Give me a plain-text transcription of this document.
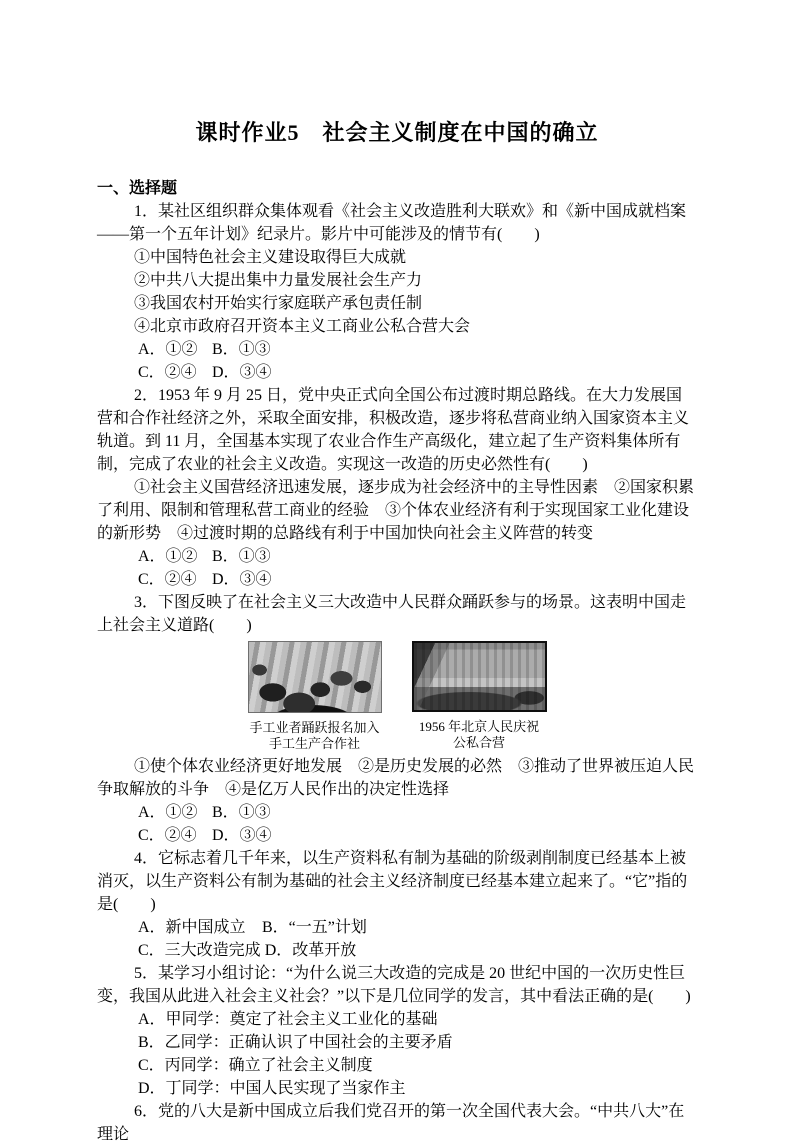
课时作业5　社会主义制度在中国的确立

一、选择题

1．某社区组织群众集体观看《社会主义改造胜利大联欢》和《新中国成就档案——第一个五年计划》纪录片。影片中可能涉及的情节有(　　)

①中国特色社会主义建设取得巨大成就

②中共八大提出集中力量发展社会生产力

③我国农村开始实行家庭联产承包责任制

④北京市政府召开资本主义工商业公私合营大会

A．①② B．①③

C．②④ D．③④

2．1953 年 9 月 25 日，党中央正式向全国公布过渡时期总路线。在大力发展国营和合作社经济之外，采取全面安排，积极改造，逐步将私营商业纳入国家资本主义轨道。到 11 月，全国基本实现了农业合作生产高级化，建立起了生产资料集体所有制，完成了农业的社会主义改造。实现这一改造的历史必然性有(　　)

①社会主义国营经济迅速发展，逐步成为社会经济中的主导性因素　②国家积累了利用、限制和管理私营工商业的经验　③个体农业经济有利于实现国家工业化建设的新形势　④过渡时期的总路线有利于中国加快向社会主义阵营的转变

A．①② B．①③

C．②④ D．③④

3．下图反映了在社会主义三大改造中人民群众踊跃参与的场景。这表明中国走上社会主义道路(　　)

手工业者踊跃报名加入
手工生产合作社
1956 年北京人民庆祝
公私合营

①使个体农业经济更好地发展　②是历史发展的必然　③推动了世界被压迫人民争取解放的斗争　④是亿万人民作出的决定性选择

A．①② B．①③

C．②④ D．③④

4．它标志着几千年来，以生产资料私有制为基础的阶级剥削制度已经基本上被消灭，以生产资料公有制为基础的社会主义经济制度已经基本建立起来了。“它”指的是(　　)

A．新中国成立 B．“一五”计划

C．三大改造完成 D．改革开放

5．某学习小组讨论：“为什么说三大改造的完成是 20 世纪中国的一次历史性巨变，我国从此进入社会主义社会？”以下是几位同学的发言，其中看法正确的是(　　)

A．甲同学：奠定了社会主义工业化的基础

B．乙同学：正确认识了中国社会的主要矛盾

C．丙同学：确立了社会主义制度

D．丁同学：中国人民实现了当家作主

6．党的八大是新中国成立后我们党召开的第一次全国代表大会。“中共八大”在理论
